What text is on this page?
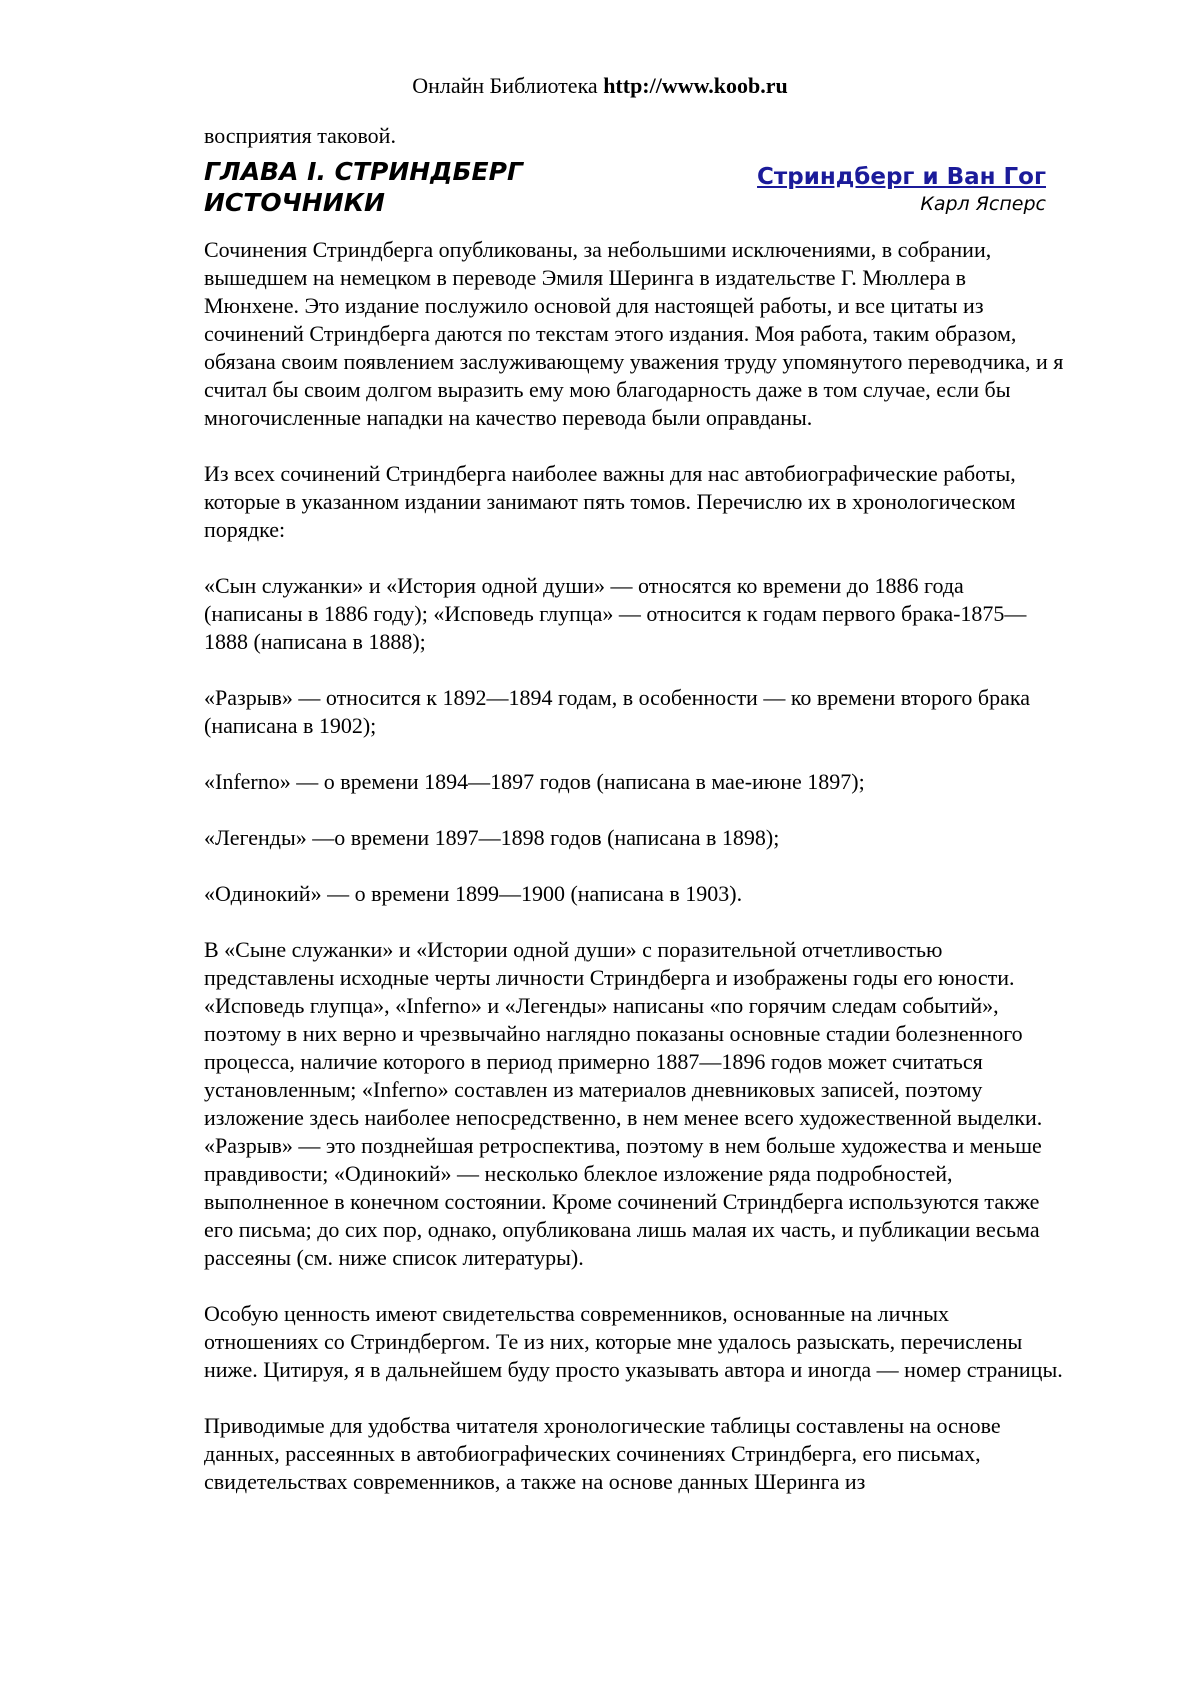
Онлайн Библиотека http://www.koob.ru

восприятия таковой.

ГЛАВА I. СТРИНДБЕРГ
ИСТОЧНИКИ
Стриндберг и Ван Гог
Карл Ясперс

Сочинения Стриндберга опубликованы, за небольшими исключениями, в собрании, вышедшем на немецком в переводе Эмиля Шеринга в издательстве Г. Мюллера в Мюнхене. Это издание послужило основой для настоящей работы, и все цитаты из сочинений Стриндберга даются по текстам этого издания. Моя работа, таким образом, обязана своим появлением заслуживающему уважения труду упомянутого переводчика, и я считал бы своим долгом выразить ему мою благодарность даже в том случае, если бы многочисленные нападки на качество перевода были оправданы.

Из всех сочинений Стриндберга наиболее важны для нас автобиографические работы, которые в указанном издании занимают пять томов. Перечислю их в хронологическом порядке:

«Сын служанки» и «История одной души» — относятся ко времени до 1886 года (написаны в 1886 году); «Исповедь глупца» — относится к годам первого брака-1875—1888 (написана в 1888);

«Разрыв» — относится к 1892—1894 годам, в особенности — ко времени второго брака (написана в 1902);

«Inferno» — о времени 1894—1897 годов (написана в мае-июне 1897);

«Легенды» —о времени 1897—1898 годов (написана в 1898);

«Одинокий» — о времени 1899—1900 (написана в 1903).

В «Сыне служанки» и «Истории одной души» с поразительной отчетливостью представлены исходные черты личности Стриндберга и изображены годы его юности. «Исповедь глупца», «Inferno» и «Легенды» написаны «по горячим следам событий», поэтому в них верно и чрезвычайно наглядно показаны основные стадии болезненного процесса, наличие которого в период примерно 1887—1896 годов может считаться установленным; «Inferno» составлен из материалов дневниковых записей, поэтому изложение здесь наиболее непосредственно, в нем менее всего художественной выделки. «Разрыв» — это позднейшая ретроспектива, поэтому в нем больше художества и меньше правдивости; «Одинокий» — несколько блеклое изложение ряда подробностей, выполненное в конечном состоянии. Кроме сочинений Стриндберга используются также его письма; до сих пор, однако, опубликована лишь малая их часть, и публикации весьма рассеяны (см. ниже список литературы).

Особую ценность имеют свидетельства современников, основанные на личных отношениях со Стриндбергом. Те из них, которые мне удалось разыскать, перечислены ниже. Цитируя, я в дальнейшем буду просто указывать автора и иногда — номер страницы.

Приводимые для удобства читателя хронологические таблицы составлены на основе данных, рассеянных в автобиографических сочинениях Стриндберга, его письмах, свидетельствах современников, а также на основе данных Шеринга из
